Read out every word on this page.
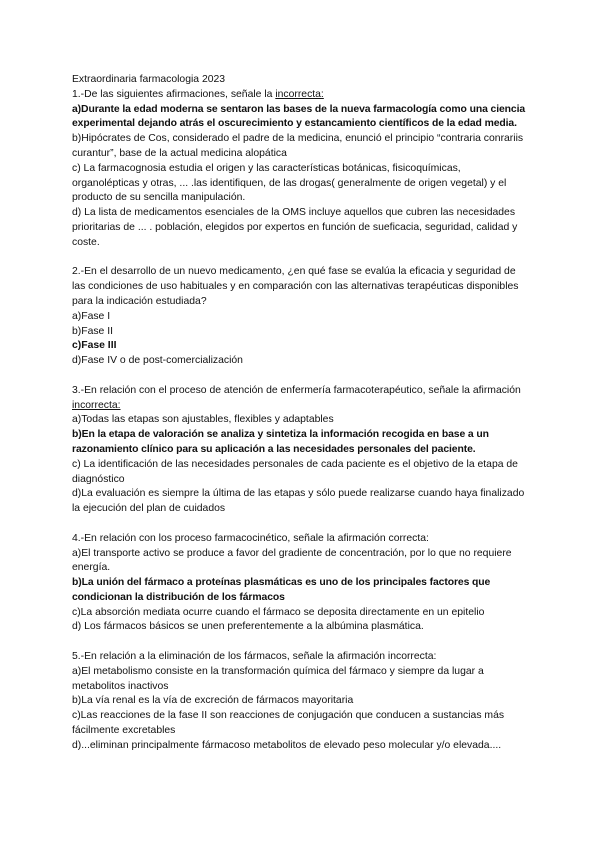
Extraordinaria farmacologia 2023
1.-De las siguientes afirmaciones, señale la incorrecta:
a)Durante la edad moderna se sentaron las bases de la nueva farmacología como una ciencia experimental dejando atrás el oscurecimiento y estancamiento científicos de la edad media.
b)Hipócrates de Cos, considerado el padre de la medicina, enunció el principio “contraria conrariis curantur”, base de la actual medicina alopática
c) La farmacognosia estudia el origen y las características botánicas, fisicoquímicas, organolépticas y otras, ... .las identifiquen, de las drogas( generalmente de origen vegetal) y el producto de su sencilla manipulación.
d) La lista de medicamentos esenciales de la OMS incluye aquellos que cubren las necesidades prioritarias de ... . población, elegidos por expertos en función de sueficacia, seguridad, calidad y coste.
2.-En el desarrollo de un nuevo medicamento, ¿en qué fase se evalúa la eficacia y seguridad de las condiciones de uso habituales y en comparación con las alternativas terapéuticas disponibles para la indicación estudiada?
a)Fase I
b)Fase II
c)Fase III
d)Fase IV o de post-comercialización
3.-En relación con el proceso de atención de enfermería farmacoterapéutico, señale la afirmación incorrecta:
a)Todas las etapas son ajustables, flexibles y adaptables
b)En la etapa de valoración se analiza y sintetiza la información recogida en base a un razonamiento clínico para su aplicación a las necesidades personales del paciente.
c) La identificación de las necesidades personales de cada paciente es el objetivo de la etapa de diagnóstico
d)La evaluación es siempre la última de las etapas y sólo puede realizarse cuando haya finalizado la ejecución del plan de cuidados
4.-En relación con los proceso farmacocinético, señale la afirmación correcta:
a)El transporte activo se produce a favor del gradiente de concentración, por lo que no requiere energía.
b)La unión del fármaco a proteínas plasmáticas es uno de los principales factores que condicionan la distribución de los fármacos
c)La absorción mediata ocurre cuando el fármaco se deposita directamente en un epitelio
d) Los fármacos básicos se unen preferentemente a la albúmina plasmática.
5.-En relación a la eliminación de los fármacos, señale la afirmación incorrecta:
a)El metabolismo consiste en la transformación química del fármaco y siempre da lugar a metabolitos inactivos
b)La vía renal es la vía de excreción de fármacos mayoritaria
c)Las reacciones de la fase II son reacciones de conjugación que conducen a sustancias más fácilmente excretables
d)...eliminan principalmente fármacoso metabolitos de elevado peso molecular y/o elevada....
